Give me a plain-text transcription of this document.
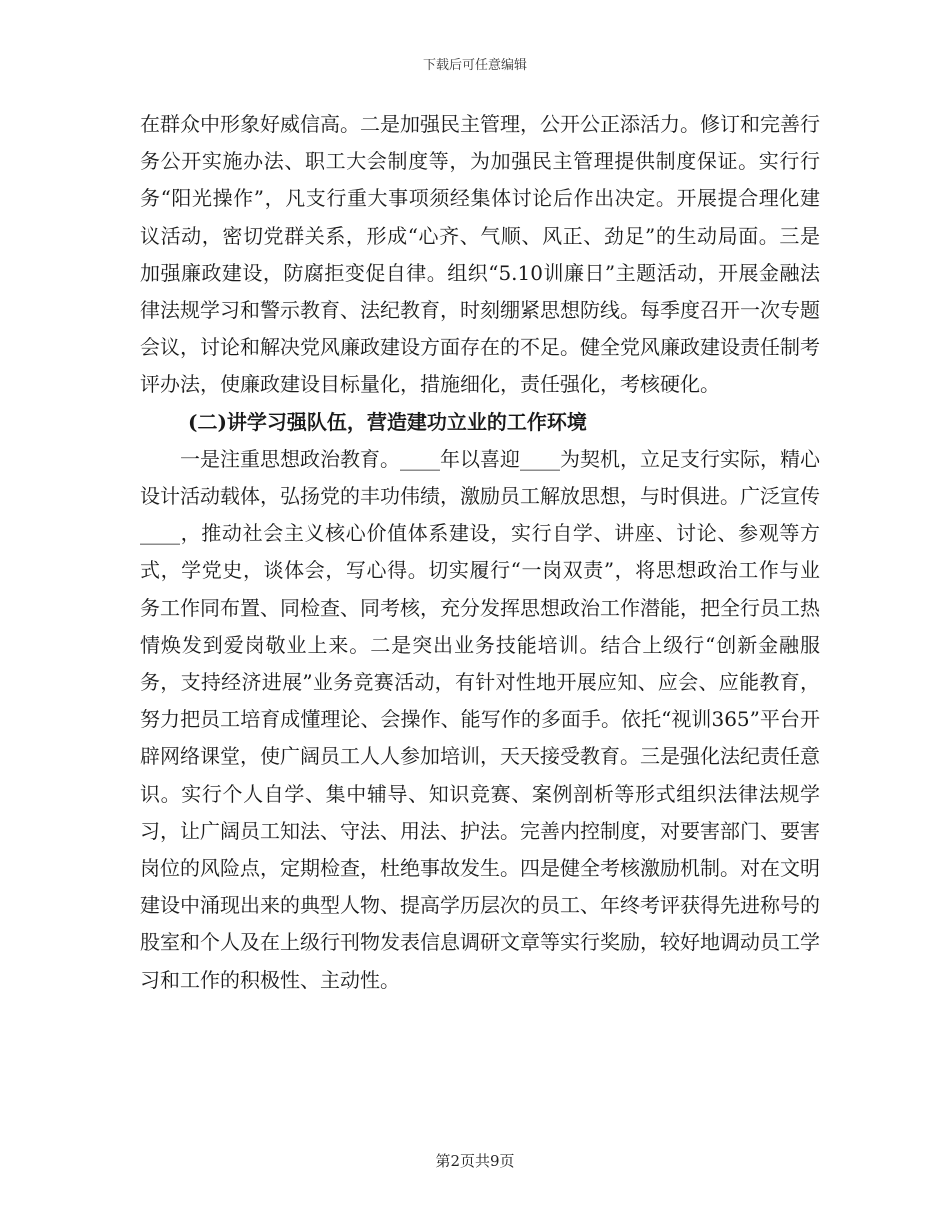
下载后可任意编辑

在群众中形象好威信高。二是加强民主管理，公开公正添活力。修订和完善行务公开实施办法、职工大会制度等，为加强民主管理提供制度保证。实行行务“阳光操作”，凡支行重大事项须经集体讨论后作出决定。开展提合理化建议活动，密切党群关系，形成“心齐、气顺、风正、劲足”的生动局面。三是加强廉政建设，防腐拒变促自律。组织“5.10训廉日”主题活动，开展金融法律法规学习和警示教育、法纪教育，时刻绷紧思想防线。每季度召开一次专题会议，讨论和解决党风廉政建设方面存在的不足。健全党风廉政建设责任制考评办法，使廉政建设目标量化，措施细化，责任强化，考核硬化。

(二)讲学习强队伍，营造建功立业的工作环境

一是注重思想政治教育。____年以喜迎____为契机，立足支行实际，精心设计活动载体，弘扬党的丰功伟绩，激励员工解放思想，与时俱进。广泛宣传____，推动社会主义核心价值体系建设，实行自学、讲座、讨论、参观等方式，学党史，谈体会，写心得。切实履行“一岗双责”，将思想政治工作与业务工作同布置、同检查、同考核，充分发挥思想政治工作潜能，把全行员工热情焕发到爱岗敬业上来。二是突出业务技能培训。结合上级行“创新金融服务，支持经济进展”业务竞赛活动，有针对性地开展应知、应会、应能教育，努力把员工培育成懂理论、会操作、能写作的多面手。依托“视训365”平台开辟网络课堂，使广阔员工人人参加培训，天天接受教育。三是强化法纪责任意识。实行个人自学、集中辅导、知识竞赛、案例剖析等形式组织法律法规学习，让广阔员工知法、守法、用法、护法。完善内控制度，对要害部门、要害岗位的风险点，定期检查，杜绝事故发生。四是健全考核激励机制。对在文明建设中涌现出来的典型人物、提高学历层次的员工、年终考评获得先进称号的股室和个人及在上级行刊物发表信息调研文章等实行奖励，较好地调动员工学习和工作的积极性、主动性。

第2页共9页
